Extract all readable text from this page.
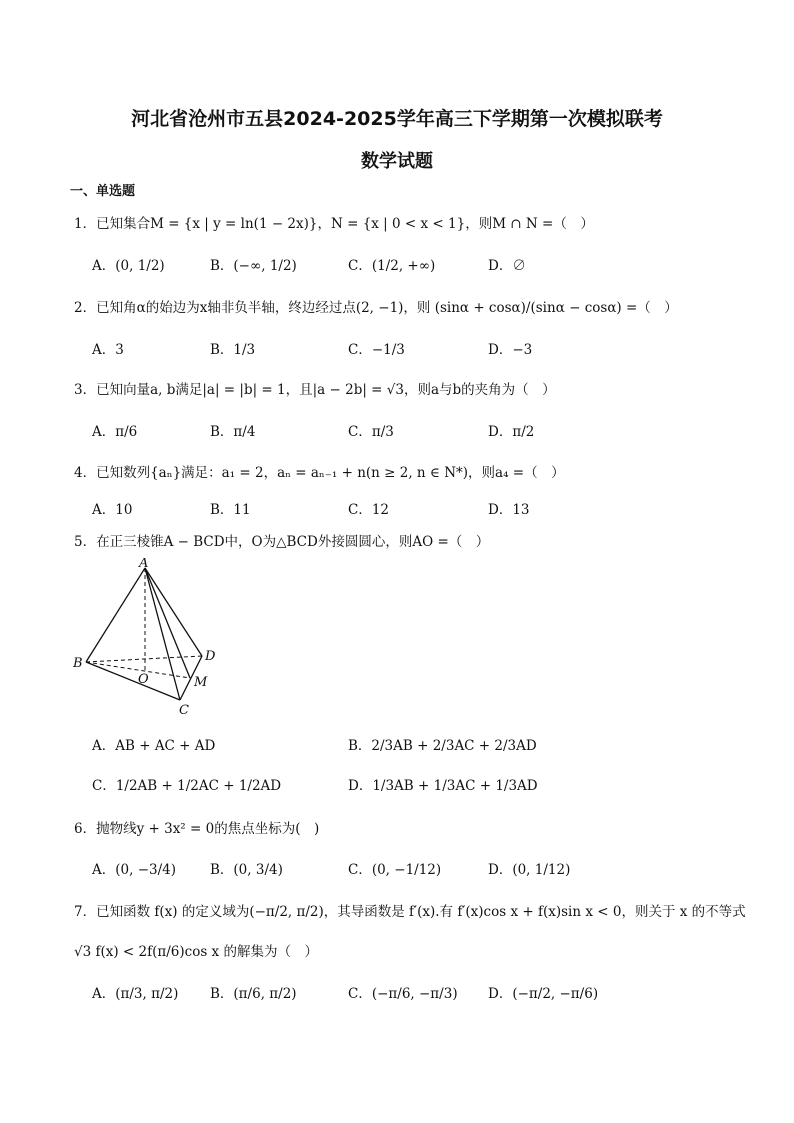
河北省沧州市五县2024-2025学年高三下学期第一次模拟联考
数学试题
一、单选题
1．已知集合M = {x | y = ln(1 − 2x)}，N = {x | 0 < x < 1}，则M ∩ N =（　）
A．(0, 1/2)	B．(−∞, 1/2)	C．(1/2, +∞)	D．∅
2．已知角α的始边为x轴非负半轴，终边经过点(2, −1)，则 (sinα + cosα)/(sinα − cosα) =（　）
A．3	B．1/3	C．−1/3	D．−3
3．已知向量a, b满足|a| = |b| = 1，且|a − 2b| = √3，则a与b的夹角为（　）
A．π/6	B．π/4	C．π/3	D．π/2
4．已知数列{aₙ}满足：a₁ = 2，aₙ = aₙ₋₁ + n(n ≥ 2, n ∈ N*)，则a₄ =（　）
A．10	B．11	C．12	D．13
5．在正三棱锥A − BCD中，O为△BCD外接圆圆心，则AO =（　）
A
B
C
D
O	M
A．AB + AC + AD	B．2/3AB + 2/3AC + 2/3AD
C．1/2AB + 1/2AC + 1/2AD	D．1/3AB + 1/3AC + 1/3AD
6．抛物线y + 3x² = 0的焦点坐标为(　)
A．(0, −3/4)	B．(0, 3/4)	C．(0, −1/12)	D．(0, 1/12)
7．已知函数 f(x) 的定义域为(−π/2, π/2)，其导函数是 f′(x).有 f′(x)cos x + f(x)sin x < 0，则关于 x 的不等式
√3 f(x) < 2f(π/6)cos x 的解集为（　）
A．(π/3, π/2) B．(π/6, π/2)	C．(−π/6, −π/3) D．(−π/2, −π/6)
